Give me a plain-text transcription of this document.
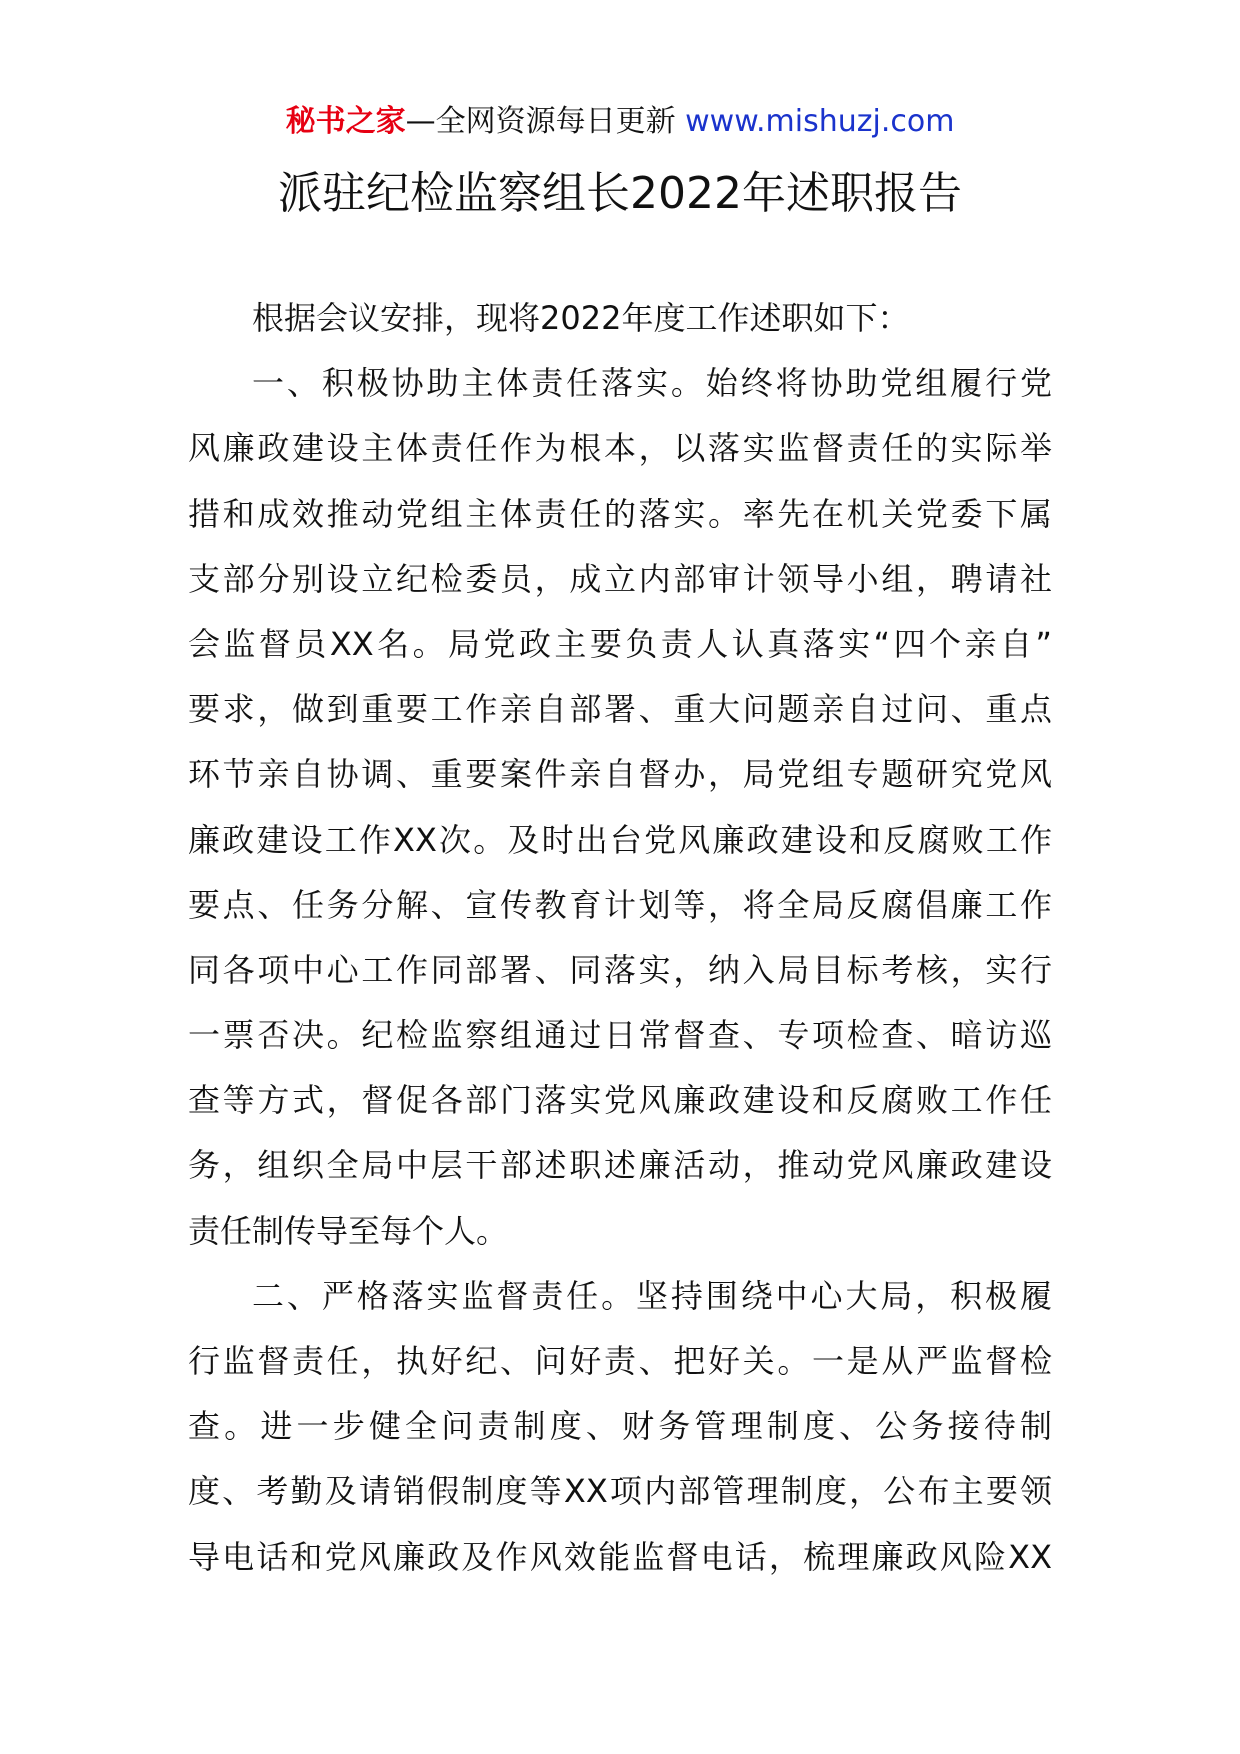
秘书之家—全网资源每日更新 www.mishuzj.com
派驻纪检监察组长2022年述职报告
根据会议安排，现将2022年度工作述职如下：
一、积极协助主体责任落实。始终将协助党组履行党
风廉政建设主体责任作为根本，以落实监督责任的实际举
措和成效推动党组主体责任的落实。率先在机关党委下属
支部分别设立纪检委员，成立内部审计领导小组，聘请社
会监督员XX名。局党政主要负责人认真落实“四个亲自”
要求，做到重要工作亲自部署、重大问题亲自过问、重点
环节亲自协调、重要案件亲自督办，局党组专题研究党风
廉政建设工作XX次。及时出台党风廉政建设和反腐败工作
要点、任务分解、宣传教育计划等，将全局反腐倡廉工作
同各项中心工作同部署、同落实，纳入局目标考核，实行
一票否决。纪检监察组通过日常督查、专项检查、暗访巡
查等方式，督促各部门落实党风廉政建设和反腐败工作任
务，组织全局中层干部述职述廉活动，推动党风廉政建设
责任制传导至每个人。
二、严格落实监督责任。坚持围绕中心大局，积极履
行监督责任，执好纪、问好责、把好关。一是从严监督检
查。进一步健全问责制度、财务管理制度、公务接待制
度、考勤及请销假制度等XX项内部管理制度，公布主要领
导电话和党风廉政及作风效能监督电话，梳理廉政风险XX
